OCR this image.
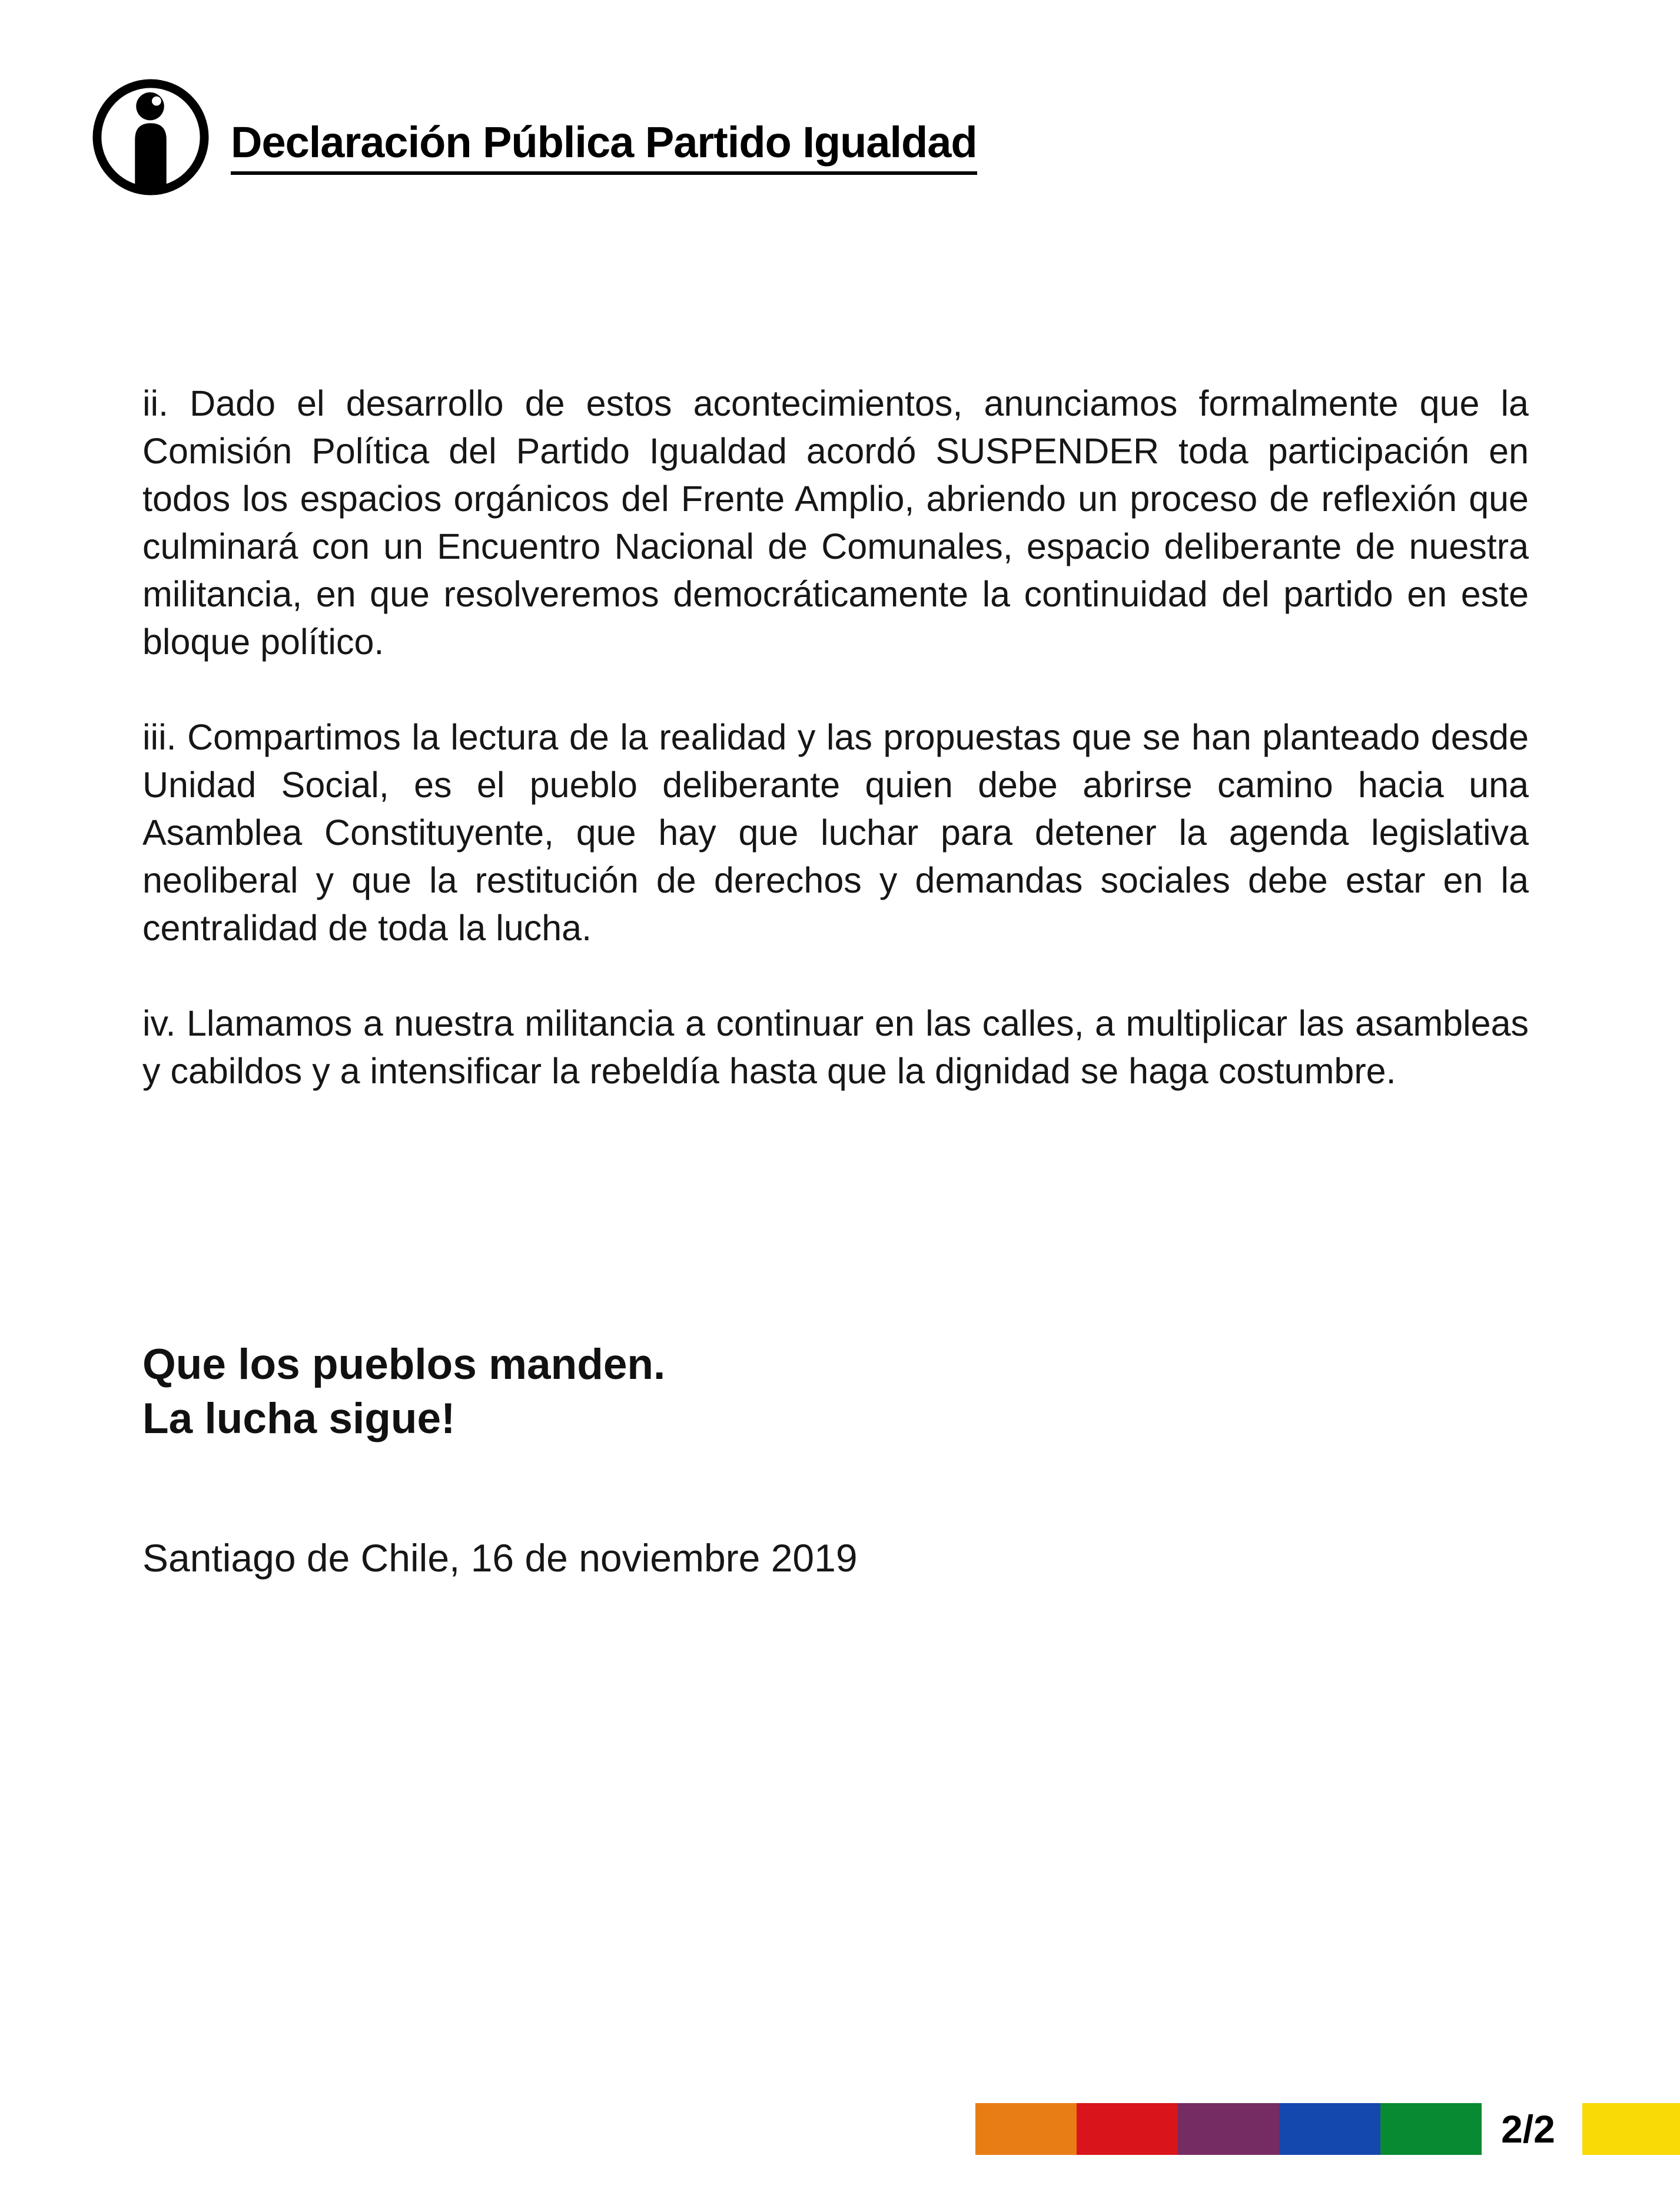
Declaración Pública Partido Igualdad

ii. Dado el desarrollo de estos acontecimientos, anunciamos formalmente que la Comisión Política del Partido Igualdad acordó SUSPENDER toda participación en todos los espacios orgánicos del Frente Amplio, abriendo un proceso de reflexión que culminará con un Encuentro Nacional de Comunales, espacio deliberante de nuestra militancia, en que resolveremos democráticamente la continuidad del partido en este bloque político.

iii. Compartimos la lectura de la realidad y las propuestas que se han planteado desde Unidad Social, es el pueblo deliberante quien debe abrirse camino hacia una Asamblea Constituyente, que hay que luchar para detener la agenda legislativa neoliberal y que la restitución de derechos y demandas sociales debe estar en la centralidad de toda la lucha.

iv. Llamamos a nuestra militancia a continuar en las calles, a multiplicar las asambleas y cabildos y a intensificar la rebeldía hasta que la dignidad se haga costumbre.

Que los pueblos manden.

La lucha sigue!

Santiago de Chile, 16 de noviembre 2019

2/2
